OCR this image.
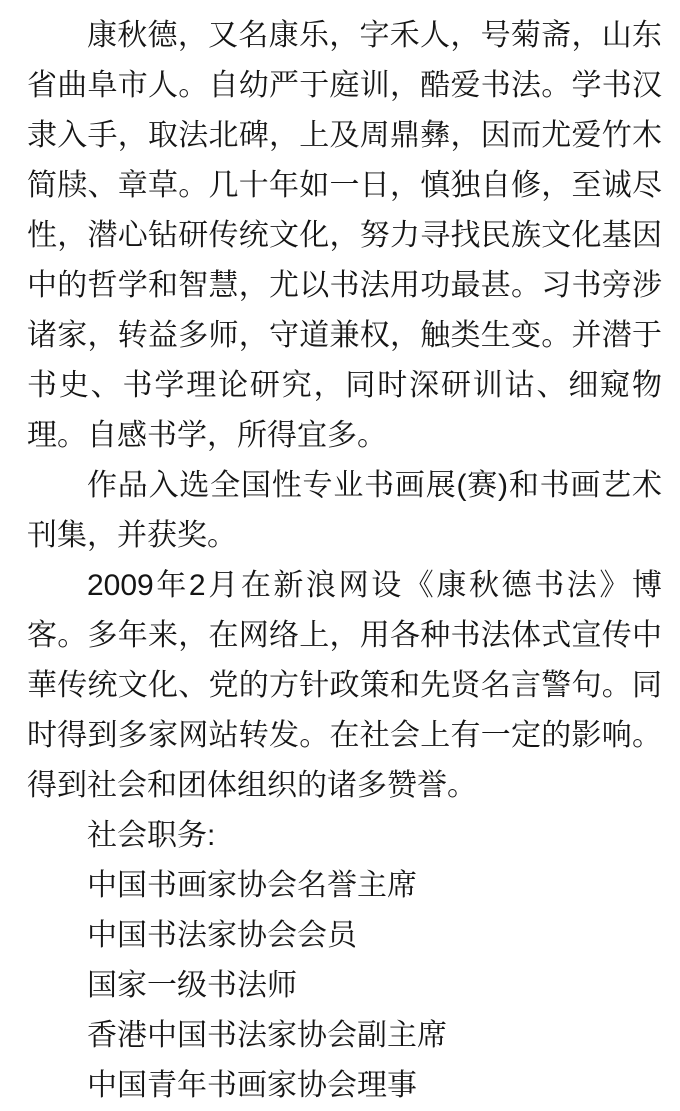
康秋德，又名康乐，字禾人，号菊斋，山东
省曲阜市人。自幼严于庭训，酷爱书法。学书汉
隶入手，取法北碑，上及周鼎彝，因而尤爱竹木
简牍、章草。几十年如一日，慎独自修，至诚尽
性，潜心钻研传统文化，努力寻找民族文化基因
中的哲学和智慧，尤以书法用功最甚。习书旁涉
诸家，转益多师，守道兼权，触类生变。并潜于
书史、书学理论研究，同时深研训诂、细窥物
理。自感书学，所得宜多。
作品入选全国性专业书画展(赛)和书画艺术
刊集，并获奖。
2009年2月在新浪网设《康秋德书法》博
客。多年来，在网络上，用各种书法体式宣传中
華传统文化、党的方针政策和先贤名言警句。同
时得到多家网站转发。在社会上有一定的影响。
得到社会和团体组织的诸多赞誉。
社会职务:
中国书画家协会名誉主席
中国书法家协会会员
国家一级书法师
香港中国书法家协会副主席
中国青年书画家协会理事
